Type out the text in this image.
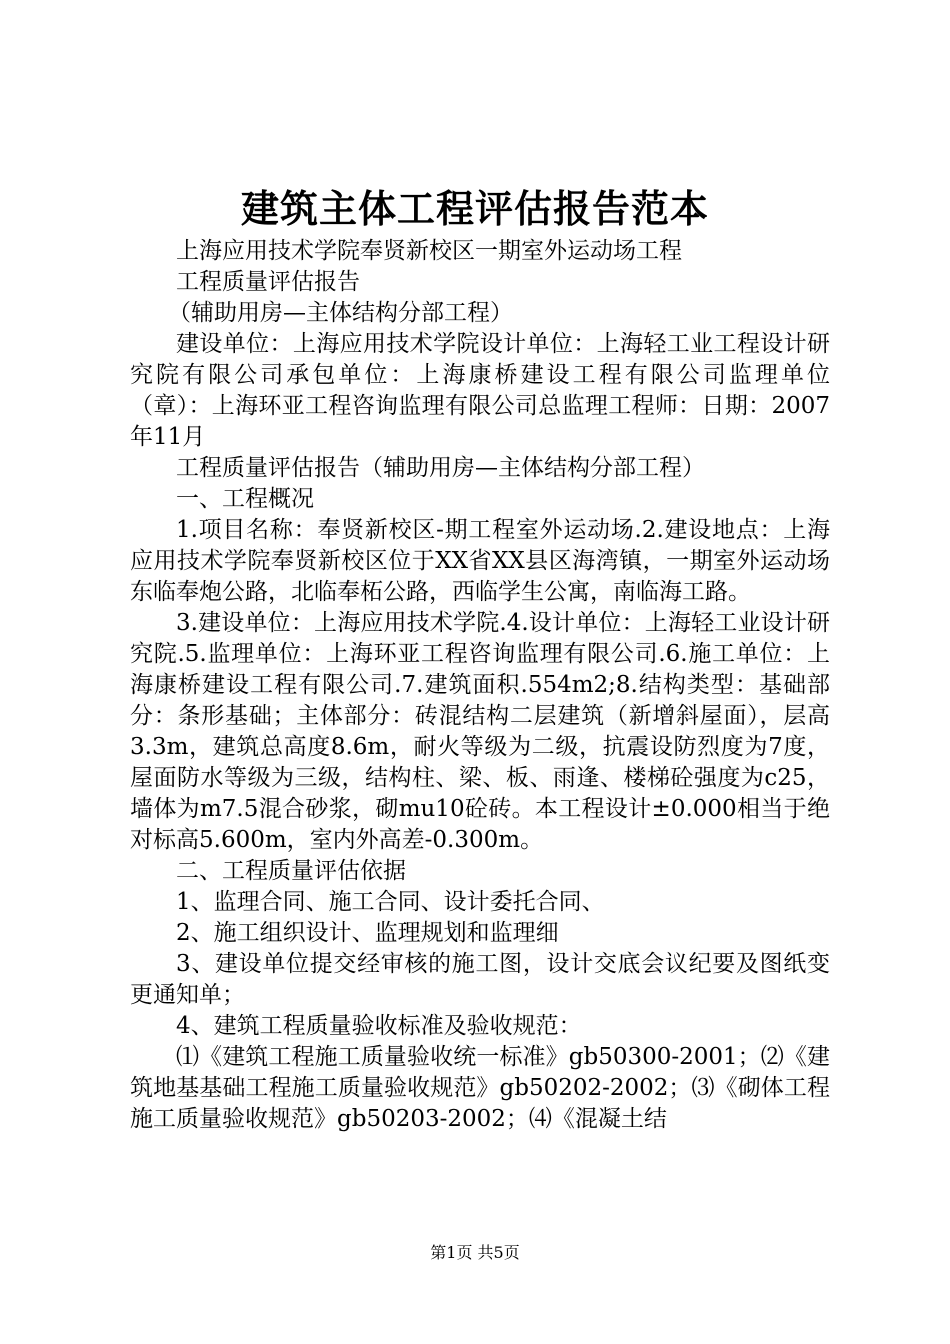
建筑主体工程评估报告范本

上海应用技术学院奉贤新校区一期室外运动场工程

工程质量评估报告

（辅助用房—主体结构分部工程）

建设单位：上海应用技术学院设计单位：上海轻工业工程设计研究院有限公司承包单位：上海康桥建设工程有限公司监理单位（章）：上海环亚工程咨询监理有限公司总监理工程师：日期：2007年11月

工程质量评估报告（辅助用房—主体结构分部工程）

一、工程概况

1.项目名称：奉贤新校区-期工程室外运动场.2.建设地点：上海应用技术学院奉贤新校区位于XX省XX县区海湾镇，一期室外运动场东临奉炮公路，北临奉柘公路，西临学生公寓，南临海工路。

3.建设单位：上海应用技术学院.4.设计单位：上海轻工业设计研究院.5.监理单位：上海环亚工程咨询监理有限公司.6.施工单位：上海康桥建设工程有限公司.7.建筑面积.554m2;8.结构类型：基础部分：条形基础；主体部分：砖混结构二层建筑（新增斜屋面），层高3.3m，建筑总高度8.6m，耐火等级为二级，抗震设防烈度为7度，屋面防水等级为三级，结构柱、梁、板、雨逢、楼梯砼强度为c25，墙体为m7.5混合砂浆，砌mu10砼砖。本工程设计±0.000相当于绝对标高5.600m，室内外高差-0.300m。

二、工程质量评估依据

1、监理合同、施工合同、设计委托合同、

2、施工组织设计、监理规划和监理细

3、建设单位提交经审核的施工图，设计交底会议纪要及图纸变更通知单；

4、建筑工程质量验收标准及验收规范：

⑴《建筑工程施工质量验收统一标准》gb50300-2001；⑵《建筑地基基础工程施工质量验收规范》gb50202-2002；⑶《砌体工程施工质量验收规范》gb50203-2002；⑷《混凝土结

第1页 共5页
